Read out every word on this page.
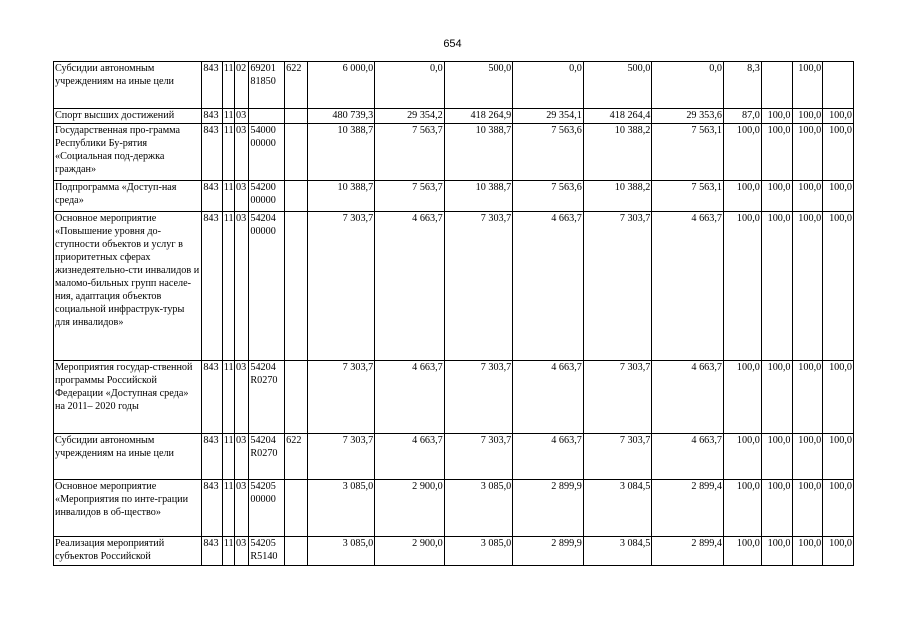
654
Субсидии автономным учреждениям на иные цели	843	11	02	69201 81850	622	6 000,0	0,0	500,0	0,0	500,0	0,0	8,3		100,0	
Спорт высших достижений	843	11	03			480 739,3	29 354,2	418 264,9	29 354,1	418 264,4	29 353,6	87,0	100,0	100,0	100,0
Государственная про-грамма Республики Бу-рятия «Социальная под-держка граждан»	843	11	03	54000 00000		10 388,7	7 563,7	10 388,7	7 563,6	10 388,2	7 563,1	100,0	100,0	100,0	100,0
Подпрограмма «Доступ-ная среда»	843	11	03	54200 00000		10 388,7	7 563,7	10 388,7	7 563,6	10 388,2	7 563,1	100,0	100,0	100,0	100,0
Основное мероприятие «Повышение уровня до-ступности объектов и услуг в приоритетных сферах жизнедеятельно-сти инвалидов и маломо-бильных групп населе-ния, адаптация объектов социальной инфраструк-туры для инвалидов»	843	11	03	54204 00000		7 303,7	4 663,7	7 303,7	4 663,7	7 303,7	4 663,7	100,0	100,0	100,0	100,0
Мероприятия государ-ственной программы Российской Федерации «Доступная среда» на 2011– 2020 годы	843	11	03	54204 R0270		7 303,7	4 663,7	7 303,7	4 663,7	7 303,7	4 663,7	100,0	100,0	100,0	100,0
Субсидии автономным учреждениям на иные цели	843	11	03	54204 R0270	622	7 303,7	4 663,7	7 303,7	4 663,7	7 303,7	4 663,7	100,0	100,0	100,0	100,0
Основное мероприятие «Мероприятия по инте-грации инвалидов в об-щество»	843	11	03	54205 00000		3 085,0	2 900,0	3 085,0	2 899,9	3 084,5	2 899,4	100,0	100,0	100,0	100,0
Реализация мероприятий субъектов Российской	843	11	03	54205 R5140		3 085,0	2 900,0	3 085,0	2 899,9	3 084,5	2 899,4	100,0	100,0	100,0	100,0
